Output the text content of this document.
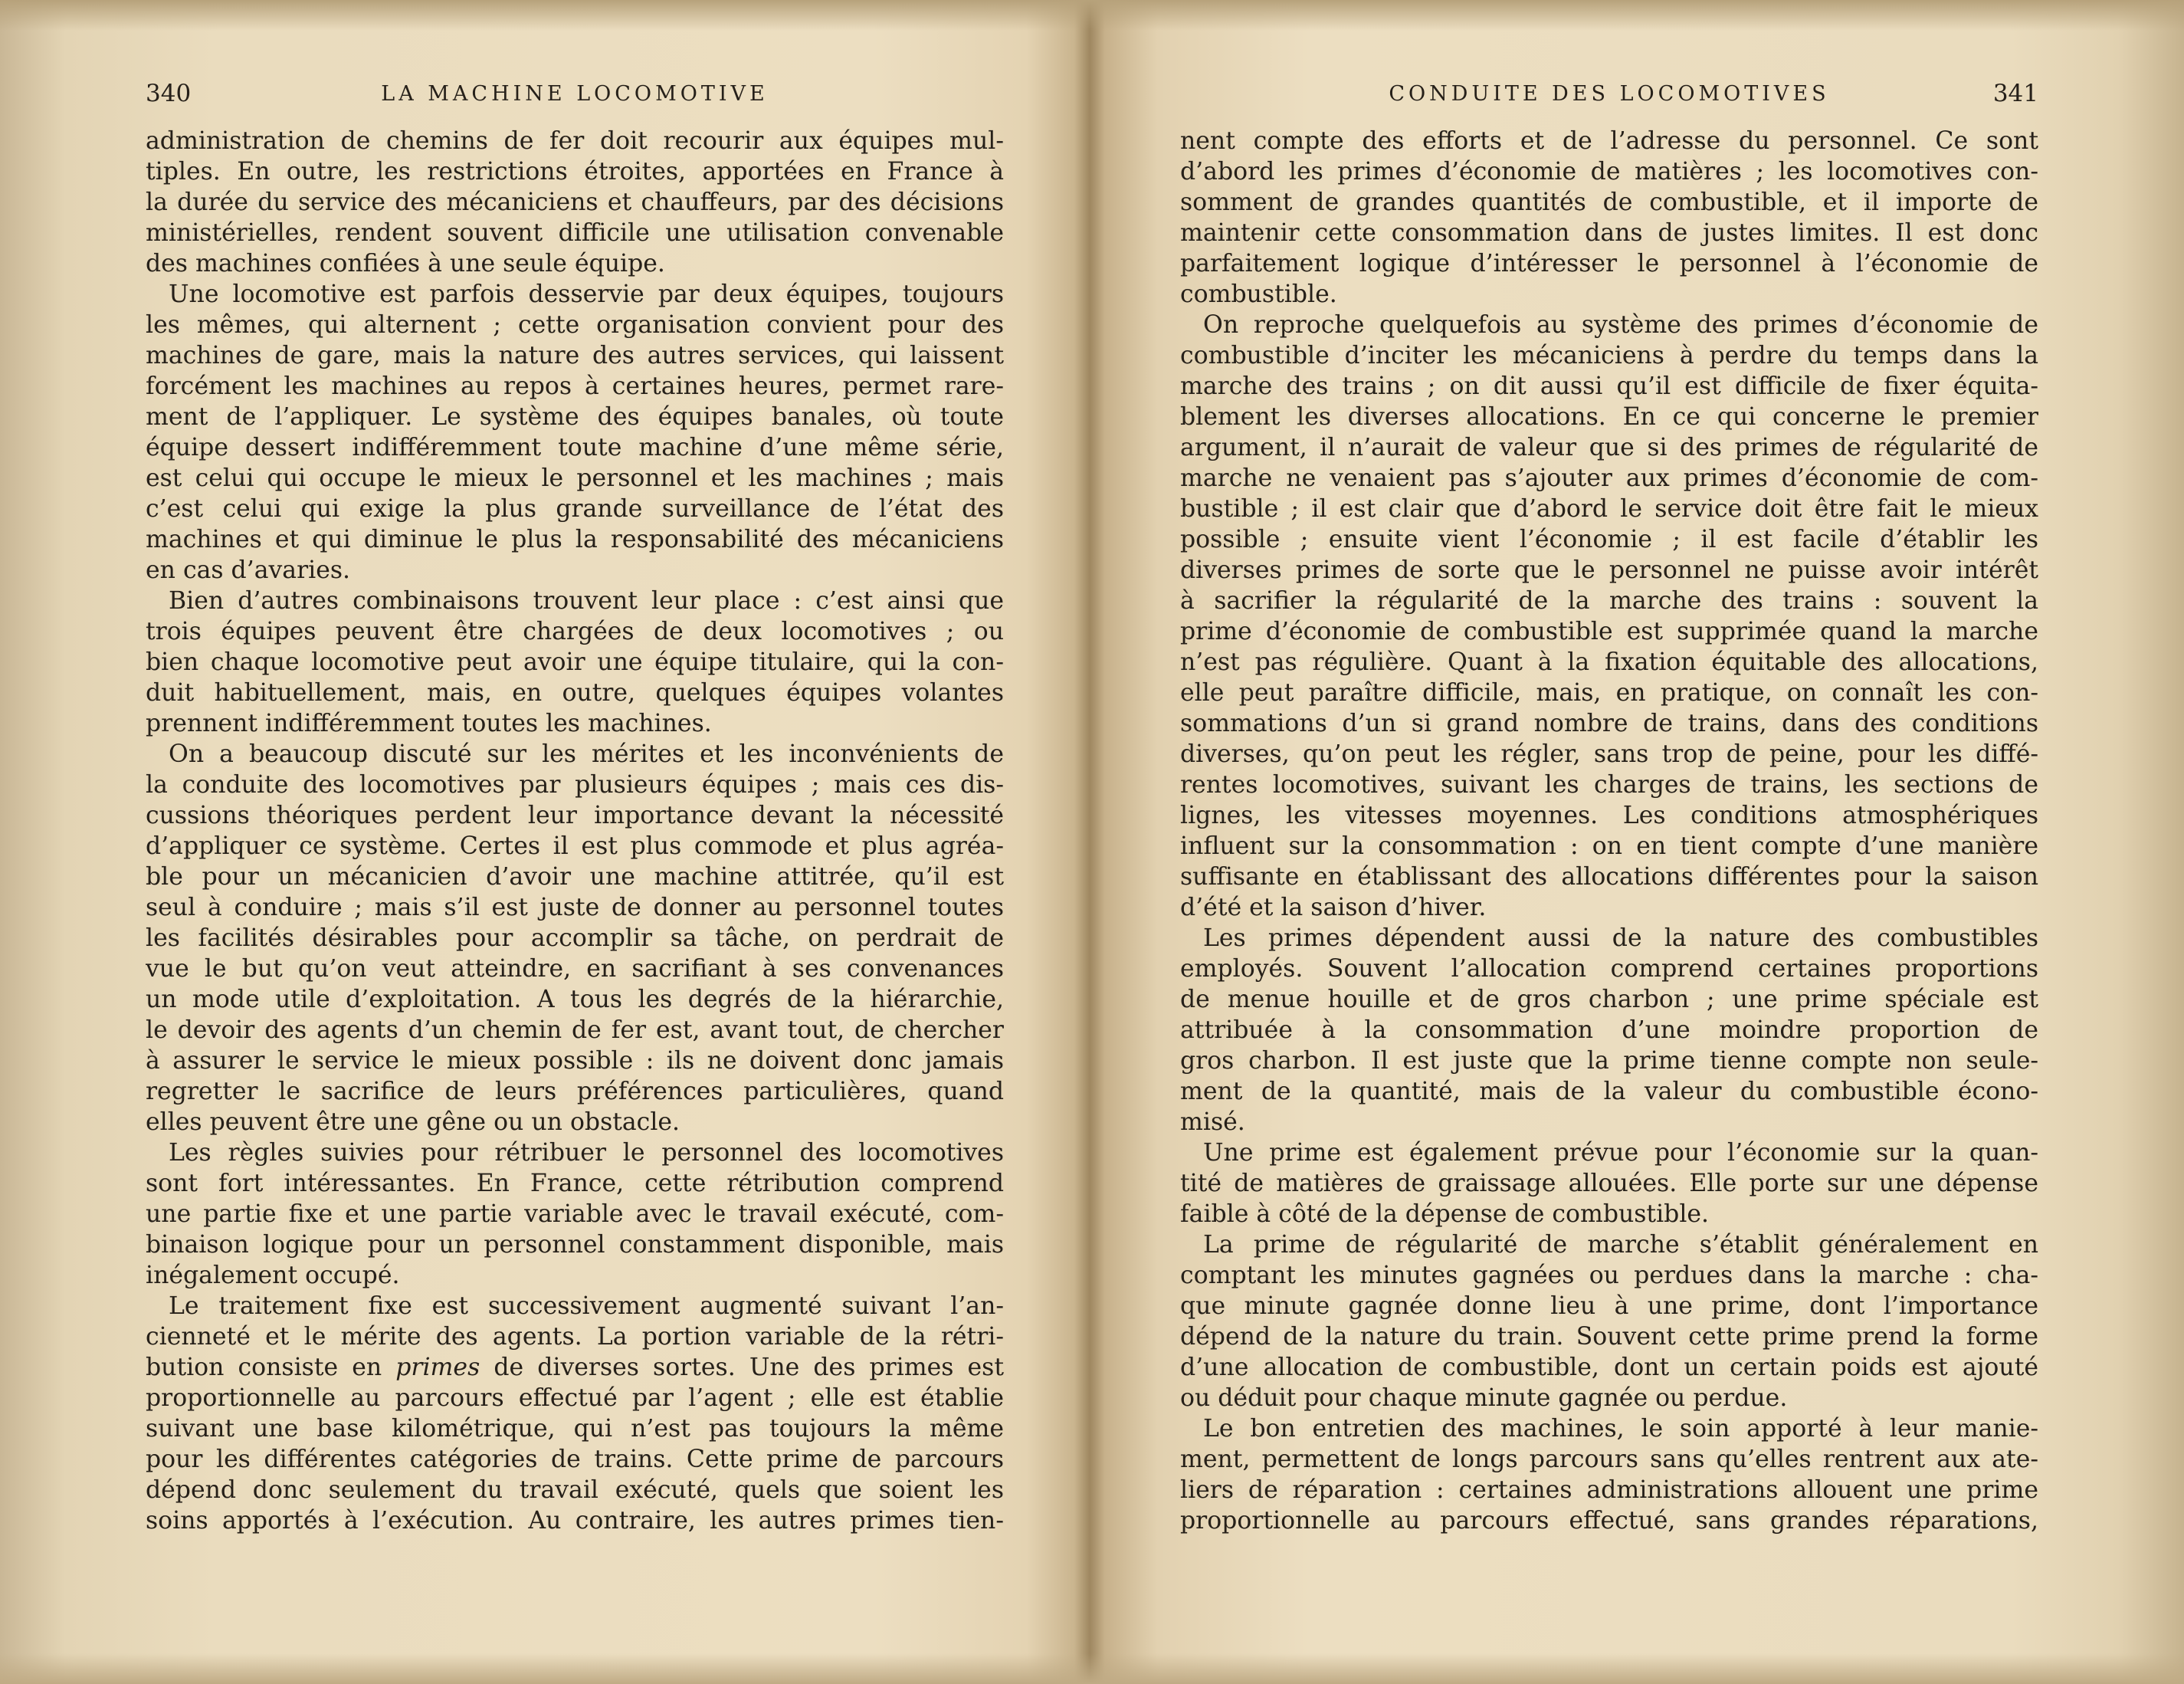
340	LA MACHINE LOCOMOTIVE
administration de chemins de fer doit recourir aux équipes mul-
tiples. En outre, les restrictions étroites, apportées en France à
la durée du service des mécaniciens et chauffeurs, par des décisions
ministérielles, rendent souvent difficile une utilisation convenable
des machines confiées à une seule équipe.
Une locomotive est parfois desservie par deux équipes, toujours
les mêmes, qui alternent ; cette organisation convient pour des
machines de gare, mais la nature des autres services, qui laissent
forcément les machines au repos à certaines heures, permet rare-
ment de l’appliquer. Le système des équipes banales, où toute
équipe dessert indifféremment toute machine d’une même série,
est celui qui occupe le mieux le personnel et les machines ; mais
c’est celui qui exige la plus grande surveillance de l’état des
machines et qui diminue le plus la responsabilité des mécaniciens
en cas d’avaries.
Bien d’autres combinaisons trouvent leur place : c’est ainsi que
trois équipes peuvent être chargées de deux locomotives ; ou
bien chaque locomotive peut avoir une équipe titulaire, qui la con-
duit habituellement, mais, en outre, quelques équipes volantes
prennent indifféremment toutes les machines.
On a beaucoup discuté sur les mérites et les inconvénients de
la conduite des locomotives par plusieurs équipes ; mais ces dis-
cussions théoriques perdent leur importance devant la nécessité
d’appliquer ce système. Certes il est plus commode et plus agréa-
ble pour un mécanicien d’avoir une machine attitrée, qu’il est
seul à conduire ; mais s’il est juste de donner au personnel toutes
les facilités désirables pour accomplir sa tâche, on perdrait de
vue le but qu’on veut atteindre, en sacrifiant à ses convenances
un mode utile d’exploitation. A tous les degrés de la hiérarchie,
le devoir des agents d’un chemin de fer est, avant tout, de chercher
à assurer le service le mieux possible : ils ne doivent donc jamais
regretter le sacrifice de leurs préférences particulières, quand
elles peuvent être une gêne ou un obstacle.
Les règles suivies pour rétribuer le personnel des locomotives
sont fort intéressantes. En France, cette rétribution comprend
une partie fixe et une partie variable avec le travail exécuté, com-
binaison logique pour un personnel constamment disponible, mais
inégalement occupé.
Le traitement fixe est successivement augmenté suivant l’an-
cienneté et le mérite des agents. La portion variable de la rétri-
bution consiste en primes de diverses sortes. Une des primes est
proportionnelle au parcours effectué par l’agent ; elle est établie
suivant une base kilométrique, qui n’est pas toujours la même
pour les différentes catégories de trains. Cette prime de parcours
dépend donc seulement du travail exécuté, quels que soient les
soins apportés à l’exécution. Au contraire, les autres primes tien-
CONDUITE DES LOCOMOTIVES	341
nent compte des efforts et de l’adresse du personnel. Ce sont
d’abord les primes d’économie de matières ; les locomotives con-
somment de grandes quantités de combustible, et il importe de
maintenir cette consommation dans de justes limites. Il est donc
parfaitement logique d’intéresser le personnel à l’économie de
combustible.
On reproche quelquefois au système des primes d’économie de
combustible d’inciter les mécaniciens à perdre du temps dans la
marche des trains ; on dit aussi qu’il est difficile de fixer équita-
blement les diverses allocations. En ce qui concerne le premier
argument, il n’aurait de valeur que si des primes de régularité de
marche ne venaient pas s’ajouter aux primes d’économie de com-
bustible ; il est clair que d’abord le service doit être fait le mieux
possible ; ensuite vient l’économie ; il est facile d’établir les
diverses primes de sorte que le personnel ne puisse avoir intérêt
à sacrifier la régularité de la marche des trains : souvent la
prime d’économie de combustible est supprimée quand la marche
n’est pas régulière. Quant à la fixation équitable des allocations,
elle peut paraître difficile, mais, en pratique, on connaît les con-
sommations d’un si grand nombre de trains, dans des conditions
diverses, qu’on peut les régler, sans trop de peine, pour les diffé-
rentes locomotives, suivant les charges de trains, les sections de
lignes, les vitesses moyennes. Les conditions atmosphériques
influent sur la consommation : on en tient compte d’une manière
suffisante en établissant des allocations différentes pour la saison
d’été et la saison d’hiver.
Les primes dépendent aussi de la nature des combustibles
employés. Souvent l’allocation comprend certaines proportions
de menue houille et de gros charbon ; une prime spéciale est
attribuée à la consommation d’une moindre proportion de
gros charbon. Il est juste que la prime tienne compte non seule-
ment de la quantité, mais de la valeur du combustible écono-
misé.
Une prime est également prévue pour l’économie sur la quan-
tité de matières de graissage allouées. Elle porte sur une dépense
faible à côté de la dépense de combustible.
La prime de régularité de marche s’établit généralement en
comptant les minutes gagnées ou perdues dans la marche : cha-
que minute gagnée donne lieu à une prime, dont l’importance
dépend de la nature du train. Souvent cette prime prend la forme
d’une allocation de combustible, dont un certain poids est ajouté
ou déduit pour chaque minute gagnée ou perdue.
Le bon entretien des machines, le soin apporté à leur manie-
ment, permettent de longs parcours sans qu’elles rentrent aux ate-
liers de réparation : certaines administrations allouent une prime
proportionnelle au parcours effectué, sans grandes réparations,
